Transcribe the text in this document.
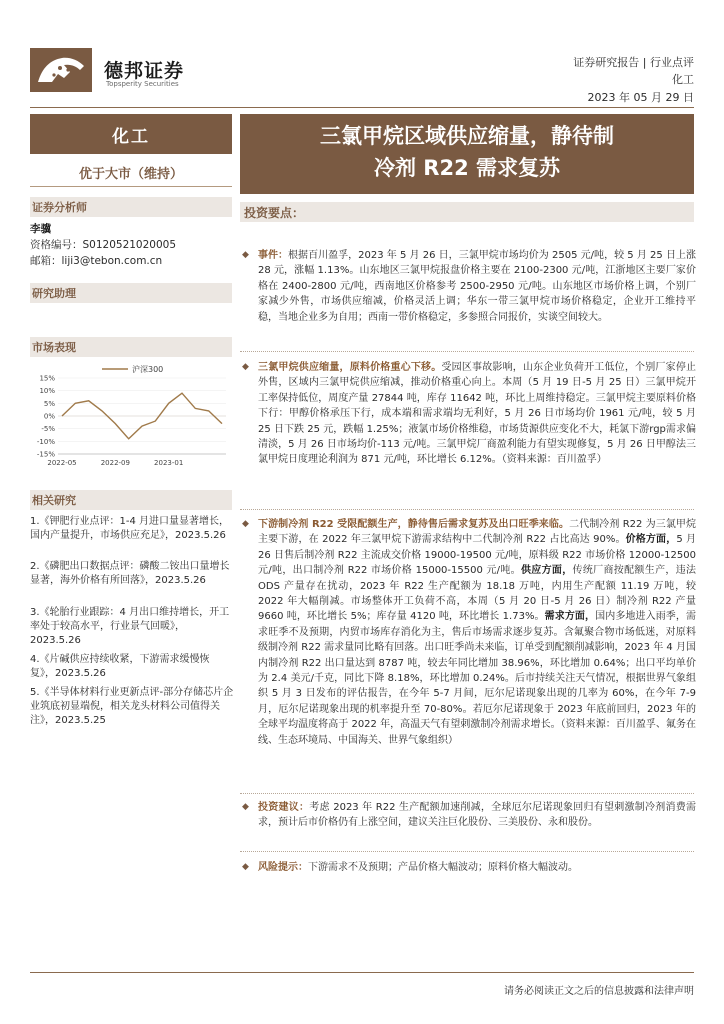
德邦证券
Topsperity Securities
证券研究报告 | 行业点评
化工
2023 年 05 月 29 日
化工
优于大市（维持）
证券分析师
李骥
资格编号：S0120521020005
邮箱：liji3@tebon.com.cn
研究助理
市场表现
15%
10%
5%
0%
-5%
-10%
-15%
2022-05	2022-09	2023-01
沪深300
相关研究
1.《钾肥行业点评：1-4 月进口量显著增长，国内产量提升，市场供应充足》，2023.5.26
2.《磷肥出口数据点评：磷酸二铵出口量增长显著，海外价格有所回落》，2023.5.26
3.《轮胎行业跟踪：4 月出口维持增长，开工率处于较高水平，行业景气回暖》，2023.5.26
4.《片碱供应持续收紧，下游需求缓慢恢复》，2023.5.26
5.《半导体材料行业更新点评-部分存储芯片企业筑底初显端倪，相关龙头材料公司值得关注》，2023.5.25
三氯甲烷区域供应缩量，静待制
冷剂 R22 需求复苏
投资要点：
◆ 事件：根据百川盈孚，2023 年 5 月 26 日，三氯甲烷市场均价为 2505 元/吨，较 5 月 25 日上涨 28 元，涨幅 1.13%。山东地区三氯甲烷报盘价格主要在 2100-2300 元/吨，江浙地区主要厂家价格在 2400-2800 元/吨，西南地区价格参考 2500-2950 元/吨。山东地区市场价格上调，个别厂家减少外售，市场供应缩减，价格灵活上调；华东一带三氯甲烷市场价格稳定，企业开工维持平稳，当地企业多为自用；西南一带价格稳定，多参照合同报价，实谈空间较大。
◆ 三氯甲烷供应缩量，原料价格重心下移。受园区事故影响，山东企业负荷开工低位，个别厂家停止外售，区域内三氯甲烷供应缩减，推动价格重心向上。本周（5 月 19 日-5 月 25 日）三氯甲烷开工率保持低位，周度产量 27844 吨，库存 11642 吨，环比上周维持稳定。三氯甲烷主要原料价格下行：甲醇价格承压下行，成本端和需求端均无利好，5 月 26 日市场均价 1961 元/吨，较 5 月 25 日下跌 25 元，跌幅 1.25%；液氯市场价格维稳，市场货源供应变化不大，耗氯下游rgp需求偏清淡，5 月 26 日市场均价-113 元/吨。三氯甲烷厂商盈利能力有望实现修复，5 月 26 日甲醇法三氯甲烷日度理论利润为 871 元/吨，环比增长 6.12%。（资料来源：百川盈孚）
◆ 下游制冷剂 R22 受限配额生产，静待售后需求复苏及出口旺季来临。二代制冷剂 R22 为三氯甲烷主要下游，在 2022 年三氯甲烷下游需求结构中二代制冷剂 R22 占比高达 90%。价格方面，5 月 26 日售后制冷剂 R22 主流成交价格 19000-19500 元/吨，原料级 R22 市场价格 12000-12500 元/吨，出口制冷剂 R22 市场价格 15000-15500 元/吨。供应方面，传统厂商按配额生产，违法 ODS 产量存在扰动，2023 年 R22 生产配额为 18.18 万吨，内用生产配额 11.19 万吨，较 2022 年大幅削减。市场整体开工负荷不高，本周（5 月 20 日-5 月 26 日）制冷剂 R22 产量 9660 吨，环比增长 5%；库存量 4120 吨，环比增长 1.73%。需求方面，国内多地进入雨季，需求旺季不及预期，内贸市场库存消化为主，售后市场需求逐步复苏。含氟聚合物市场低迷，对原料级制冷剂 R22 需求量同比略有回落。出口旺季尚未来临，订单受到配额削减影响，2023 年 4 月国内制冷剂 R22 出口量达到 8787 吨，较去年同比增加 38.96%，环比增加 0.64%；出口平均单价为 2.4 美元/千克，同比下降 8.18%，环比增加 0.24%。后市持续关注天气情况，根据世界气象组织 5 月 3 日发布的评估报告，在今年 5-7 月间，厄尔尼诺现象出现的几率为 60%，在今年 7-9 月，厄尔尼诺现象出现的机率提升至 70-80%。若厄尔尼诺现象于 2023 年底前回归，2023 年的全球平均温度将高于 2022 年，高温天气有望刺激制冷剂需求增长。（资料来源：百川盈孚、氟务在线、生态环境局、中国海关、世界气象组织）
◆ 投资建议：考虑 2023 年 R22 生产配额加速削减，全球厄尔尼诺现象回归有望刺激制冷剂消费需求，预计后市价格仍有上涨空间，建议关注巨化股份、三美股份、永和股份。
◆ 风险提示：下游需求不及预期；产品价格大幅波动；原料价格大幅波动。
请务必阅读正文之后的信息披露和法律声明
